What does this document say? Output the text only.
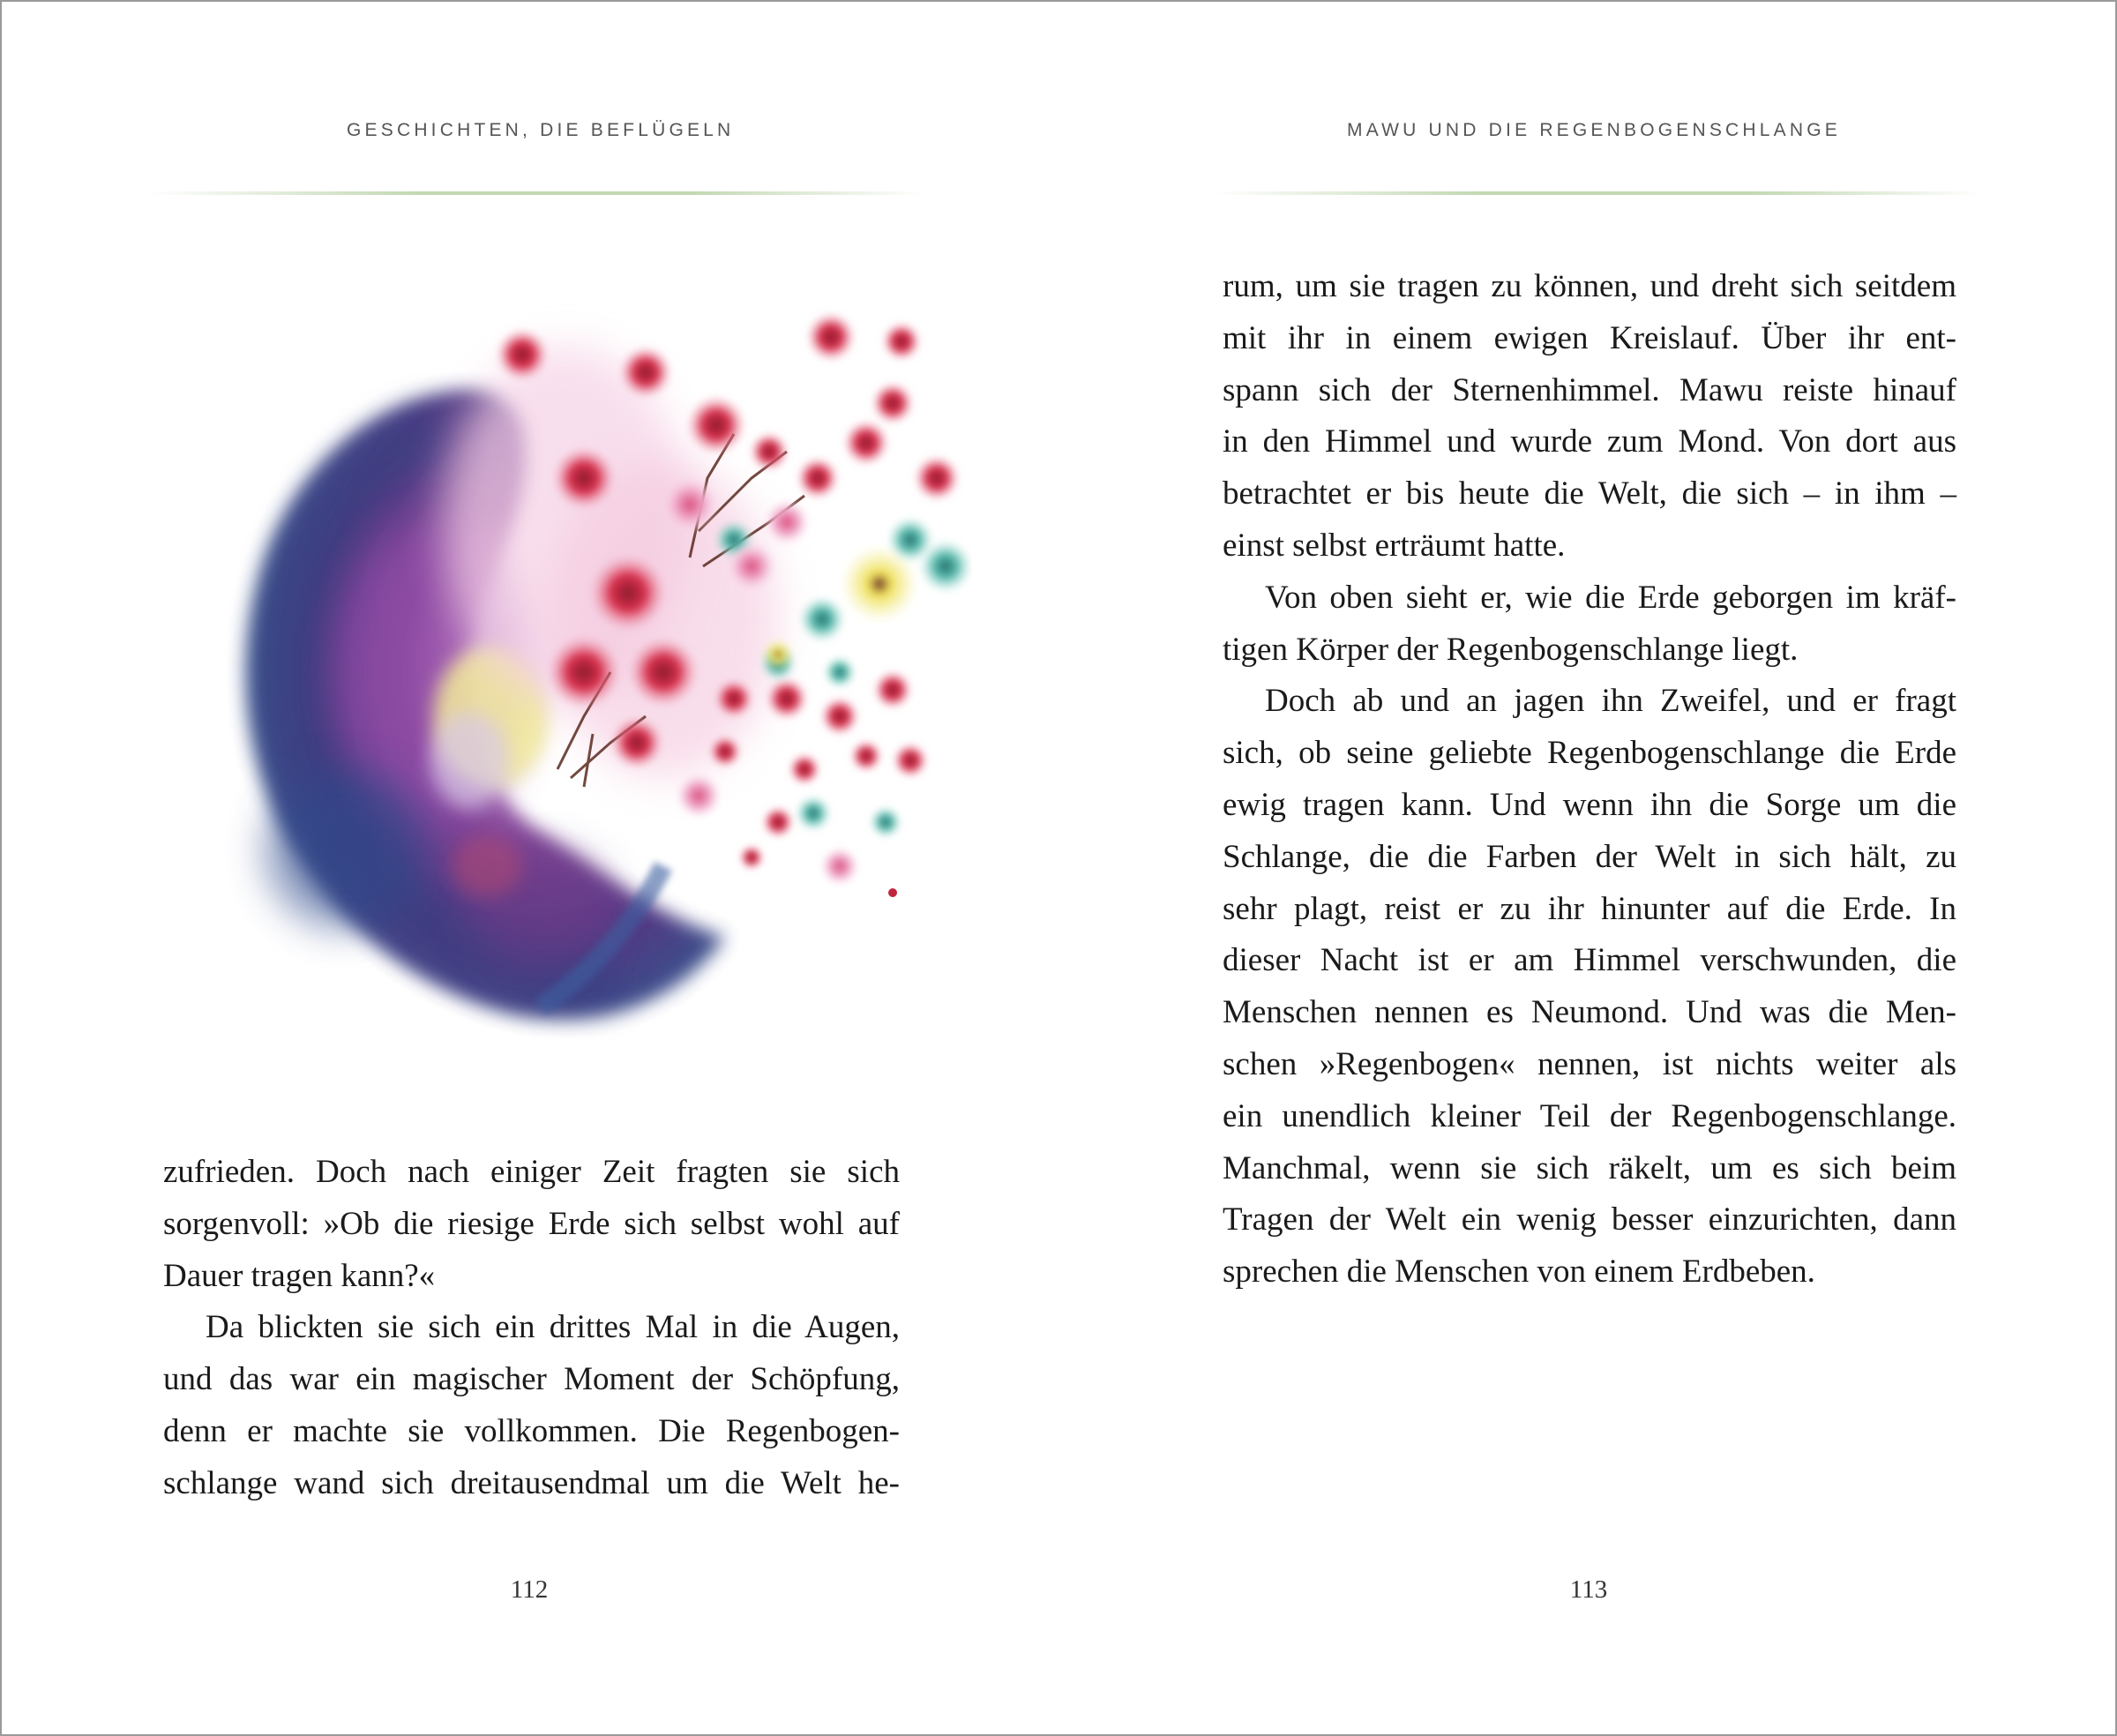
GESCHICHTEN, DIE BEFLÜGELN
zufrieden. Doch nach einiger Zeit fragten sie sich
sorgenvoll: »Ob die riesige Erde sich selbst wohl auf
Dauer tragen kann?«
Da blickten sie sich ein drittes Mal in die Augen,
und das war ein magischer Moment der Schöpfung,
denn er machte sie vollkommen. Die Regenbogen-
schlange wand sich dreitausendmal um die Welt he-
112
MAWU UND DIE REGENBOGENSCHLANGE
rum, um sie tragen zu können, und dreht sich seitdem
mit ihr in einem ewigen Kreislauf. Über ihr ent-
spann sich der Sternenhimmel. Mawu reiste hinauf
in den Himmel und wurde zum Mond. Von dort aus
betrachtet er bis heute die Welt, die sich – in ihm –
einst selbst erträumt hatte.
Von oben sieht er, wie die Erde geborgen im kräf-
tigen Körper der Regenbogenschlange liegt.
Doch ab und an jagen ihn Zweifel, und er fragt
sich, ob seine geliebte Regenbogenschlange die Erde
ewig tragen kann. Und wenn ihn die Sorge um die
Schlange, die die Farben der Welt in sich hält, zu
sehr plagt, reist er zu ihr hinunter auf die Erde. In
dieser Nacht ist er am Himmel verschwunden, die
Menschen nennen es Neumond. Und was die Men-
schen »Regenbogen« nennen, ist nichts weiter als
ein unendlich kleiner Teil der Regenbogenschlange.
Manchmal, wenn sie sich räkelt, um es sich beim
Tragen der Welt ein wenig besser einzurichten, dann
sprechen die Menschen von einem Erdbeben.
113
